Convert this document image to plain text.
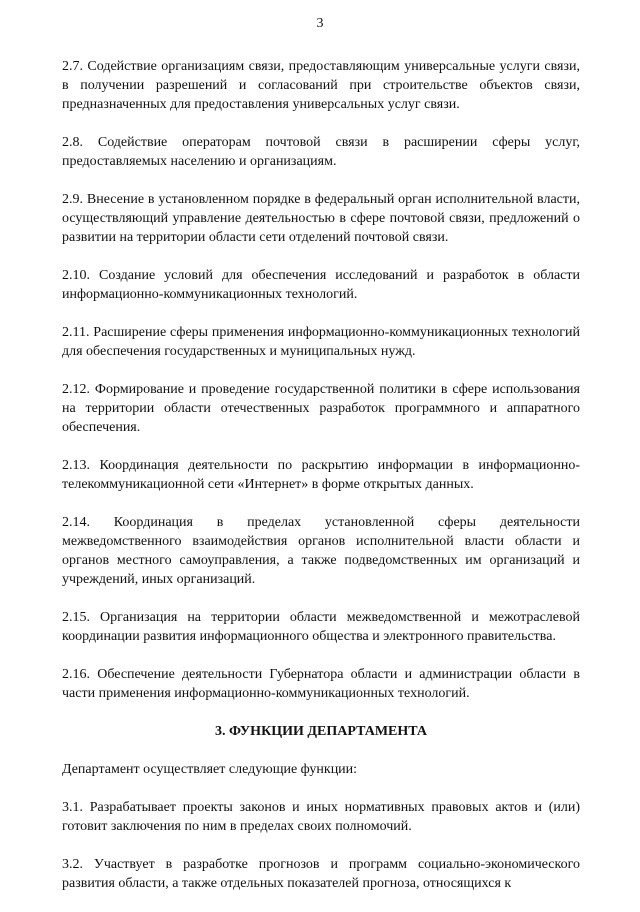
3

2.7. Содействие организациям связи, предоставляющим универсальные услуги связи, в получении разрешений и согласований при строительстве объектов связи, предназначенных для предоставления универсальных услуг связи.

2.8. Содействие операторам почтовой связи в расширении сферы услуг, предоставляемых населению и организациям.

2.9. Внесение в установленном порядке в федеральный орган исполнительной власти, осуществляющий управление деятельностью в сфере почтовой связи, предложений о развитии на территории области сети отделений почтовой связи.

2.10. Создание условий для обеспечения исследований и разработок в области информационно-коммуникационных технологий.

2.11. Расширение сферы применения информационно-коммуникационных технологий для обеспечения государственных и муниципальных нужд.

2.12. Формирование и проведение государственной политики в сфере использования на территории области отечественных разработок программного и аппаратного обеспечения.

2.13. Координация деятельности по раскрытию информации в информационно-телекоммуникационной сети «Интернет» в форме открытых данных.

2.14. Координация в пределах установленной сферы деятельности межведомственного взаимодействия органов исполнительной власти области и органов местного самоуправления, а также подведомственных им организаций и учреждений, иных организаций.

2.15. Организация на территории области межведомственной и межотраслевой координации развития информационного общества и электронного правительства.

2.16. Обеспечение деятельности Губернатора области и администрации области в части применения информационно-коммуникационных технологий.

3. ФУНКЦИИ ДЕПАРТАМЕНТА

Департамент осуществляет следующие функции:

3.1. Разрабатывает проекты законов и иных нормативных правовых актов и (или) готовит заключения по ним в пределах своих полномочий.

3.2. Участвует в разработке прогнозов и программ социально-экономического развития области, а также отдельных показателей прогноза, относящихся к
